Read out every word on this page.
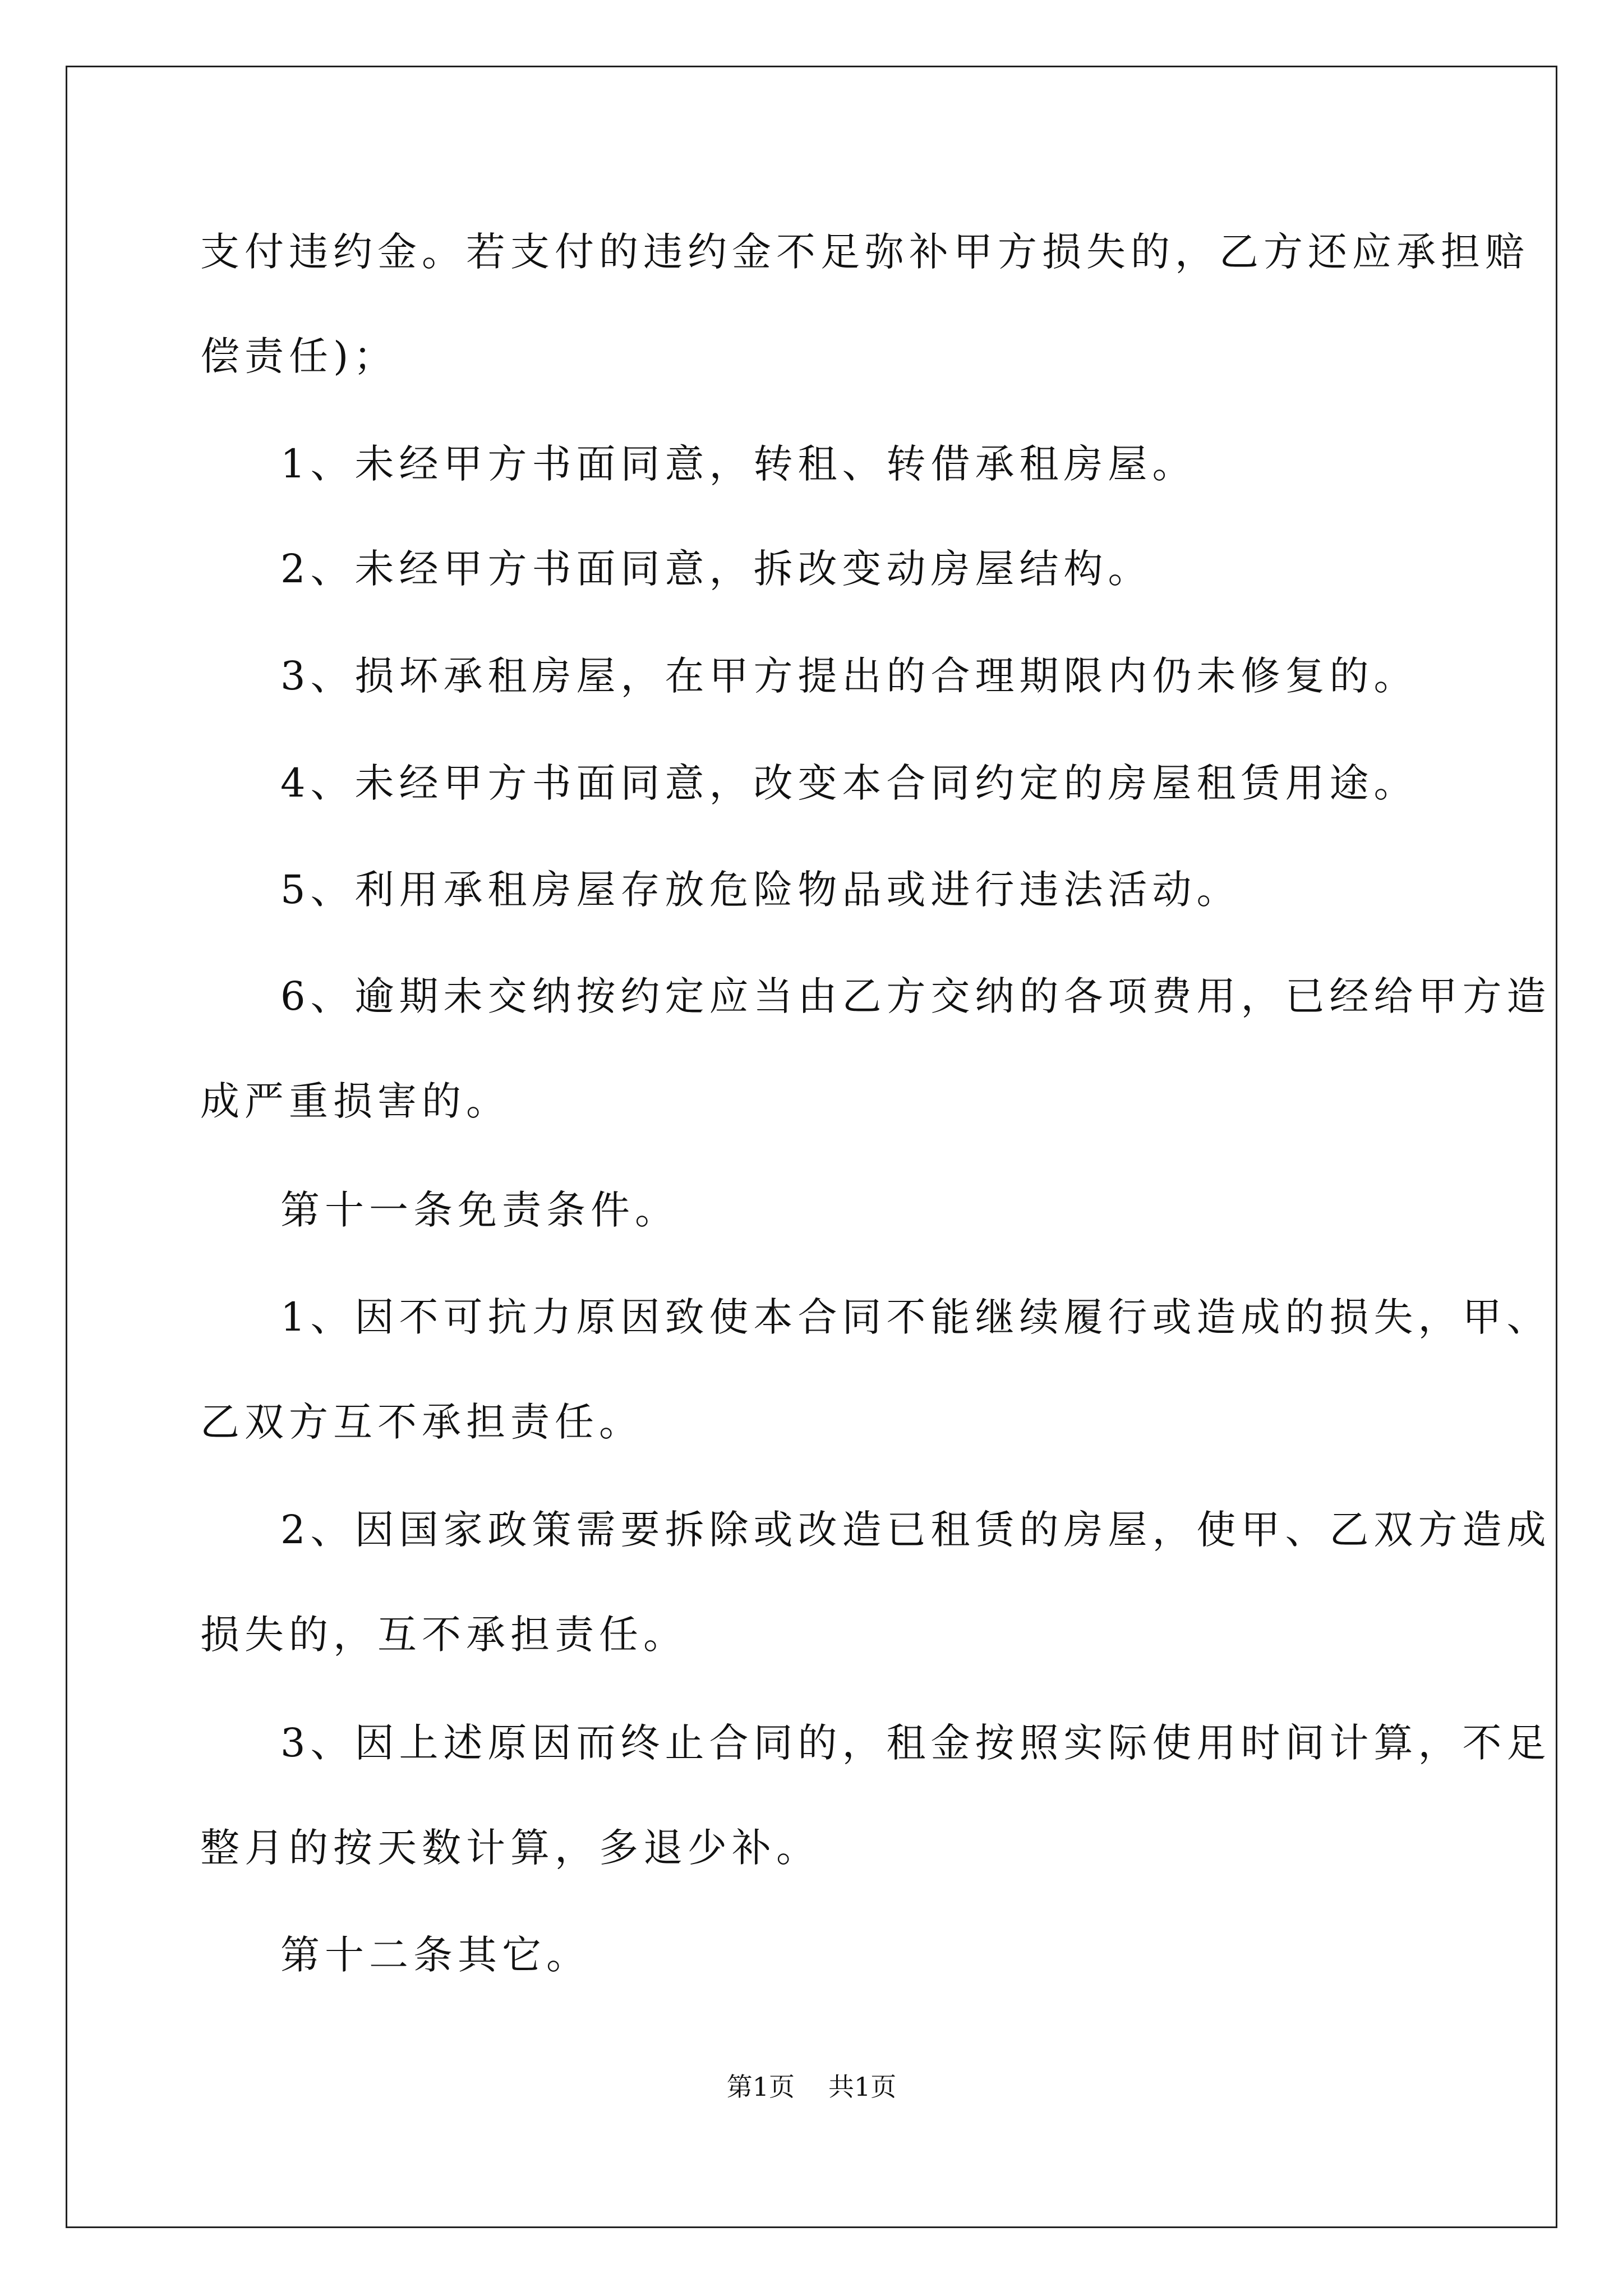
支付违约金。若支付的违约金不足弥补甲方损失的，乙方还应承担赔

偿责任)；

1、未经甲方书面同意，转租、转借承租房屋。

2、未经甲方书面同意，拆改变动房屋结构。

3、损坏承租房屋，在甲方提出的合理期限内仍未修复的。

4、未经甲方书面同意，改变本合同约定的房屋租赁用途。

5、利用承租房屋存放危险物品或进行违法活动。

6、逾期未交纳按约定应当由乙方交纳的各项费用，已经给甲方造

成严重损害的。

第十一条免责条件。

1、因不可抗力原因致使本合同不能继续履行或造成的损失，甲、

乙双方互不承担责任。

2、因国家政策需要拆除或改造已租赁的房屋，使甲、乙双方造成

损失的，互不承担责任。

3、因上述原因而终止合同的，租金按照实际使用时间计算，不足

整月的按天数计算，多退少补。

第十二条其它。

第1页 共1页
